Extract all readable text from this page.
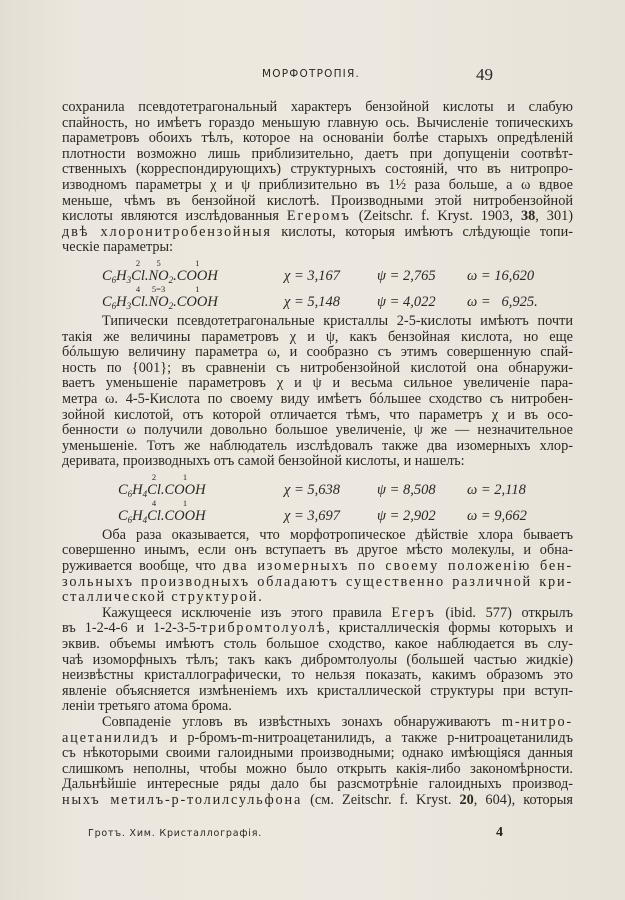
МОРФОТРОПІЯ.	49
сохранила псевдотетрагональный характеръ бензойной кислоты и слабую
спайность, но имѣетъ гораздо меньшую главную ось. Вычисленіе топическихъ
параметровъ обоихъ тѣлъ, которое на основаніи болѣе старыхъ опредѣленій
плотности возможно лишь приблизительно, даетъ при допущеніи соотвѣт-
ственныхъ (корреспондирующихъ) структурныхъ состояній, что въ нитропро-
изводномъ параметры χ и ψ приблизительно въ 1½ раза больше, а ω вдвое
меньше, чѣмъ въ бензойной кислотѣ. Производными этой нитробензойной
кислоты являются изслѣдованныя Егеромъ (Zeitschr. f. Kryst. 1903, 38, 301)
двѣ хлоронитробензойныя кислоты, которыя имѣютъ слѣдующіе топи-
ческіе параметры:
$C_6H_3$
2
Cl.
5
$NO_2$.
1
COOH	χ = 3,167	ψ = 2,765 ω = 16,620
$C_6H_3$
4
Cl.
5=3
$NO_2$.
1
COOH	χ = 5,148	ψ = 4,022 ω =   6,925.
Типически псевдотетрагональные кристаллы 2-5-кислоты имѣютъ почти
такія же величины параметровъ χ и ψ, какъ бензойная кислота, но еще
бóльшую величину параметра ω, и сообразно съ этимъ совершенную спай-
ность по {001}; въ сравненіи съ нитробензойной кислотой она обнаружи-
ваетъ уменьшеніе параметровъ χ и ψ и весьма сильное увеличеніе пара-
метра ω. 4-5-Кислота по своему виду имѣетъ бóльшее сходство съ нитробен-
зойной кислотой, отъ которой отличается тѣмъ, что параметръ χ и въ осо-
бенности ω получили довольно большое увеличеніе, ψ же — незначительное
уменьшеніе. Тотъ же наблюдатель изслѣдовалъ также два изомерныхъ хлор-
деривата, производныхъ отъ самой бензойной кислоты, и нашелъ:
$C_6H_4$
2
Cl.
1
COOH	χ = 5,638	ψ = 8,508 ω = 2,118
$C_6H_4$
4
Cl.
1
COOH	χ = 3,697	ψ = 2,902 ω = 9,662
Оба раза оказывается, что морфотропическое дѣйствіе хлора бываетъ
совершенно инымъ, если онъ вступаетъ въ другое мѣсто молекулы, и обна-
руживается вообще, что два изомерныхъ по своему положенію бен-
зольныхъ производныхъ обладаютъ существенно различной кри-
сталлической структурой.
Кажущееся исключеніе изъ этого правила Егеръ (ibid. 577) открылъ
въ 1-2-4-6 и 1-2-3-5-трибромтолуолѣ, кристаллическія формы которыхъ и
эквив. объемы имѣютъ столь большое сходство, какое наблюдается въ слу-
чаѣ изоморфныхъ тѣлъ; такъ какъ дибромтолуолы (большей частью жидкіе)
неизвѣстны кристаллографически, то нельзя показать, какимъ образомъ это
явленіе объясняется измѣненіемъ ихъ кристаллической структуры при вступ-
леніи третьяго атома брома.
Совпаденіе угловъ въ извѣстныхъ зонахъ обнаруживаютъ m-нитро-
ацетанилидъ и р-бромъ-m-нитроацетанилидъ, а также р-нитроацетанилидъ
съ нѣкоторыми своими галоидными производными; однако имѣющіяся данныя
слишкомъ неполны, чтобы можно было открыть какія-либо закономѣрности.
Дальнѣйшіе интересные ряды дало бы разсмотрѣніе галоидныхъ производ-
ныхъ метилъ-р-толилсульфона (см. Zeitschr. f. Kryst. 20, 604), которыя
Гротъ. Хим. Кристаллографія.	4
